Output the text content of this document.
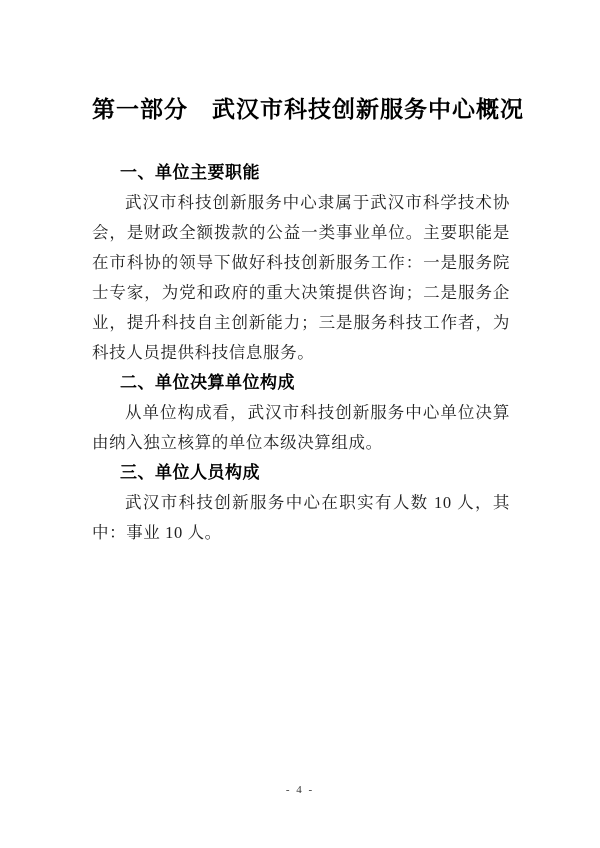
第一部分　武汉市科技创新服务中心概况
一、单位主要职能

武汉市科技创新服务中心隶属于武汉市科学技术协会，是财政全额拨款的公益一类事业单位。主要职能是在市科协的领导下做好科技创新服务工作：一是服务院士专家，为党和政府的重大决策提供咨询；二是服务企业，提升科技自主创新能力；三是服务科技工作者，为科技人员提供科技信息服务。

二、单位决算单位构成

从单位构成看，武汉市科技创新服务中心单位决算由纳入独立核算的单位本级决算组成。

三、单位人员构成

武汉市科技创新服务中心在职实有人数 10 人，其中：事业 10 人。

- 4 -
